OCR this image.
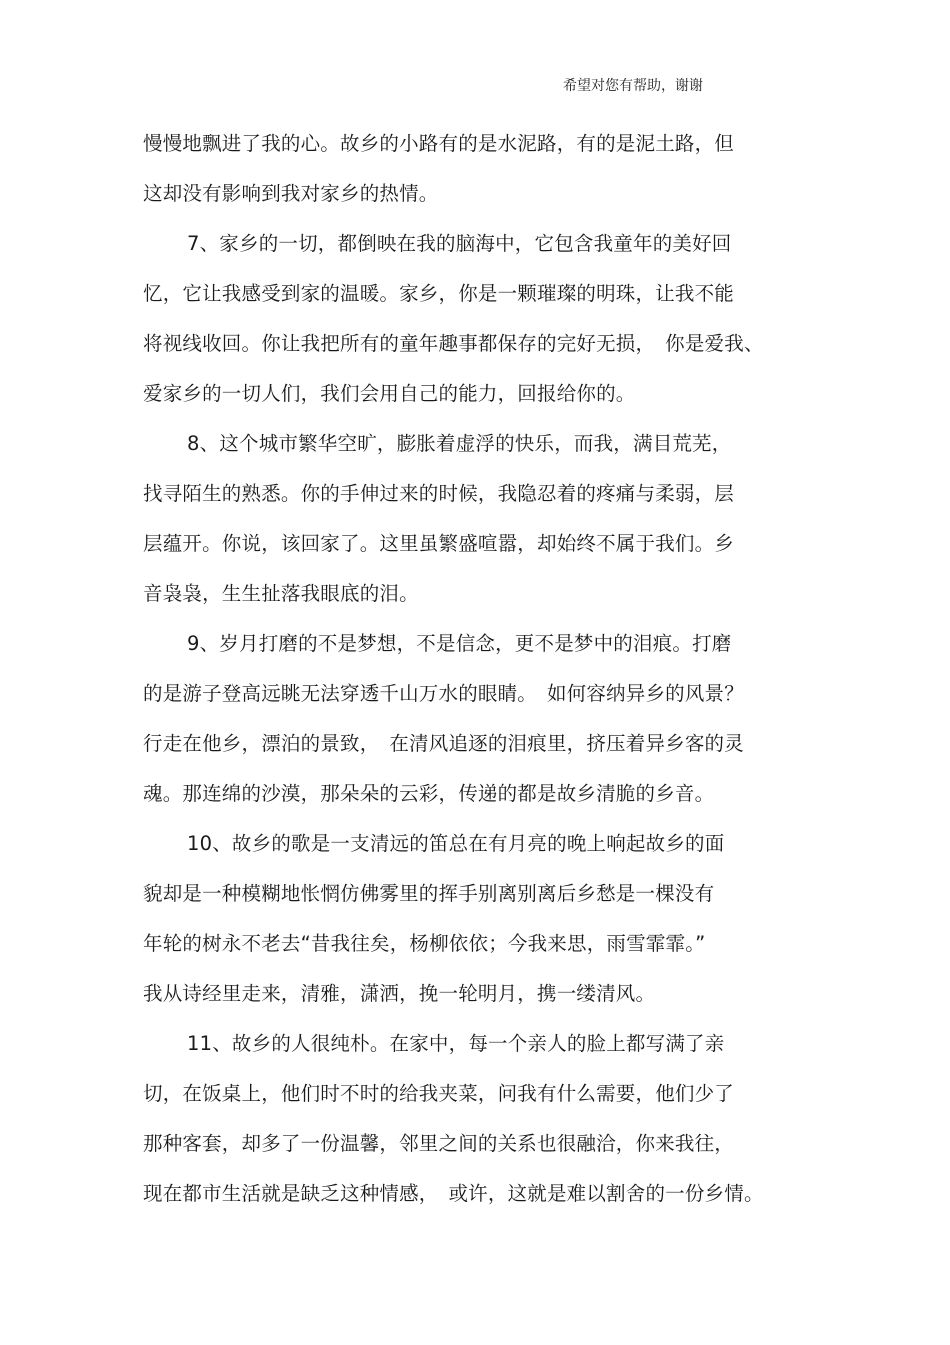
希望对您有帮助，谢谢
慢慢地飘进了我的心。故乡的小路有的是水泥路，有的是泥土路，但
这却没有影响到我对家乡的热情。
7、家乡的一切，都倒映在我的脑海中，它包含我童年的美好回
忆，它让我感受到家的温暖。家乡，你是一颗璀璨的明珠，让我不能
将视线收回。你让我把所有的童年趣事都保存的完好无损，　你是爱我、
爱家乡的一切人们，我们会用自己的能力，回报给你的。
8、这个城市繁华空旷，膨胀着虚浮的快乐，而我，满目荒芜，
找寻陌生的熟悉。你的手伸过来的时候，我隐忍着的疼痛与柔弱，层
层蕴开。你说，该回家了。这里虽繁盛喧嚣，却始终不属于我们。乡
音袅袅，生生扯落我眼底的泪。
9、岁月打磨的不是梦想，不是信念，更不是梦中的泪痕。打磨
的是游子登高远眺无法穿透千山万水的眼睛。　如何容纳异乡的风景？
行走在他乡，漂泊的景致，　在清风追逐的泪痕里，挤压着异乡客的灵
魂。那连绵的沙漠，那朵朵的云彩，传递的都是故乡清脆的乡音。
10、故乡的歌是一支清远的笛总在有月亮的晚上响起故乡的面
貌却是一种模糊地怅惘仿佛雾里的挥手别离别离后乡愁是一棵没有
年轮的树永不老去“昔我往矣，杨柳依依；今我来思，雨雪霏霏。”
我从诗经里走来，清雅，潇洒，挽一轮明月，携一缕清风。
11、故乡的人很纯朴。在家中，每一个亲人的脸上都写满了亲
切，在饭桌上，他们时不时的给我夹菜，问我有什么需要，他们少了
那种客套，却多了一份温馨，邻里之间的关系也很融洽，你来我往，
现在都市生活就是缺乏这种情感，　或许，这就是难以割舍的一份乡情。
